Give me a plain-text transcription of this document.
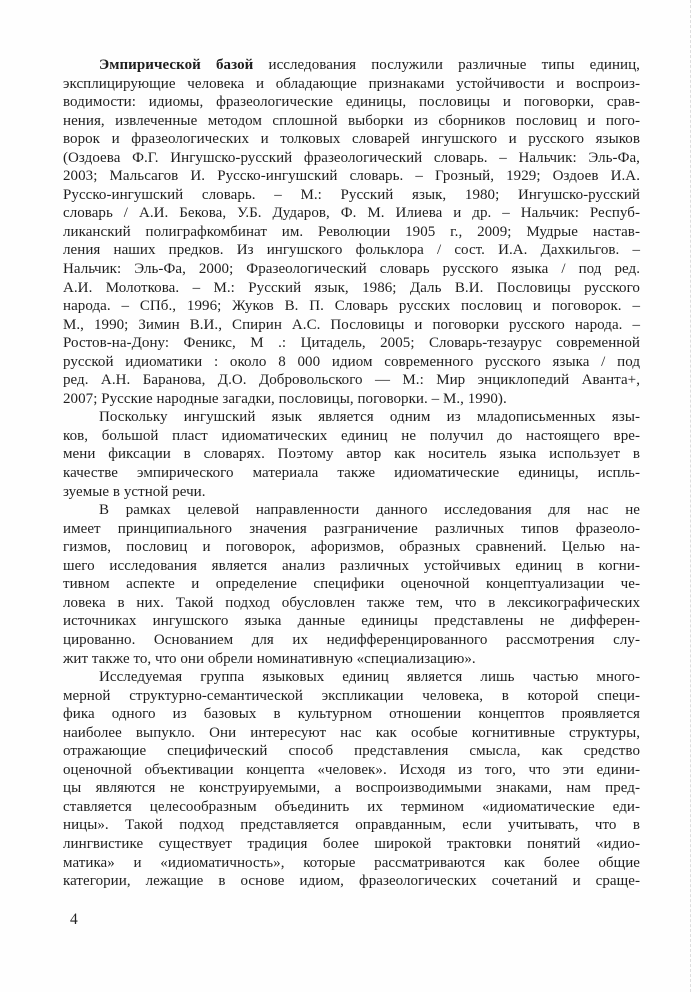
Эмпирической базой исследования послужили различные типы единиц,
эксплицирующие человека и обладающие признаками устойчивости и воспроиз-
водимости: идиомы, фразеологические единицы, пословицы и поговорки, срав-
нения, извлеченные методом сплошной выборки из сборников пословиц и пого-
ворок и фразеологических и толковых словарей ингушского и русского языков
(Оздоева Ф.Г. Ингушско-русский фразеологический словарь. – Нальчик: Эль-Фа,
2003; Мальсагов И. Русско-ингушский словарь. – Грозный, 1929; Оздоев И.А.
Русско-ингушский словарь. – М.: Русский язык, 1980; Ингушско-русский
словарь / А.И. Бекова, У.Б. Дударов, Ф. М. Илиева и др. – Нальчик: Респуб-
ликанский полиграфкомбинат им. Революции 1905 г., 2009; Мудрые настав-
ления наших предков. Из ингушского фольклора / сост. И.А. Дахкильгов. –
Нальчик: Эль-Фа, 2000; Фразеологический словарь русского языка / под ред.
А.И. Молоткова. – М.: Русский язык, 1986; Даль В.И. Пословицы русского
народа. – СПб., 1996; Жуков В. П. Словарь русских пословиц и поговорок. –
М., 1990; Зимин В.И., Спирин А.С. Пословицы и поговорки русского народа. –
Ростов-на-Дону: Феникс, М .: Цитадель, 2005; Словарь-тезаурус современной
русской идиоматики : около 8 000 идиом современного русского языка / под
ред. А.Н. Баранова, Д.О. Добровольского — М.: Мир энциклопедий Аванта+,
2007; Русские народные загадки, пословицы, поговорки. – М., 1990).
Поскольку ингушский язык является одним из младописьменных язы-
ков, большой пласт идиоматических единиц не получил до настоящего вре-
мени фиксации в словарях. Поэтому автор как носитель языка использует в
качестве эмпирического материала также идиоматические единицы, испль-
зуемые в устной речи.
В рамках целевой направленности данного исследования для нас не
имеет принципиального значения разграничение различных типов фразеоло-
гизмов, пословиц и поговорок, афоризмов, образных сравнений. Целью на-
шего исследования является анализ различных устойчивых единиц в когни-
тивном аспекте и определение специфики оценочной концептуализации че-
ловека в них. Такой подход обусловлен также тем, что в лексикографических
источниках ингушского языка данные единицы представлены не дифферен-
цированно. Основанием для их недифференцированного рассмотрения слу-
жит также то, что они обрели номинативную «специализацию».
Исследуемая группа языковых единиц является лишь частью много-
мерной структурно-семантической экспликации человека, в которой специ-
фика одного из базовых в культурном отношении концептов проявляется
наиболее выпукло. Они интересуют нас как особые когнитивные структуры,
отражающие специфический способ представления смысла, как средство
оценочной объективации концепта «человек». Исходя из того, что эти едини-
цы являются не конструируемыми, а воспроизводимыми знаками, нам пред-
ставляется целесообразным объединить их термином «идиоматические еди-
ницы». Такой подход представляется оправданным, если учитывать, что в
лингвистике существует традиция более широкой трактовки понятий «идио-
матика» и «идиоматичность», которые рассматриваются как более общие
категории, лежащие в основе идиом, фразеологических сочетаний и сраще-
4
